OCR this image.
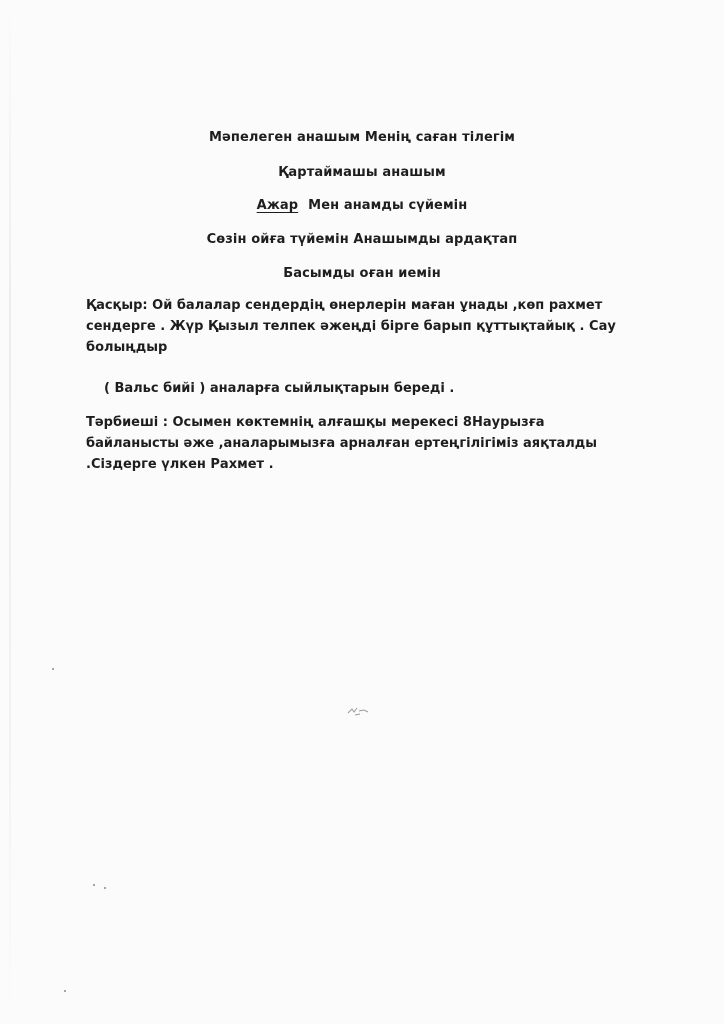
Мәпелеген анашым Менің саған тілегім
Қартаймашы анашым
Ажар Мен анамды сүйемін
Сөзін ойға түйемін Анашымды ардақтап
Басымды оған иемін
Қасқыр: Ой балалар сендердің өнерлерін маған ұнады ,көп рахмет
сендерге . Жүр Қызыл телпек әжеңді бірге барып құттықтайық . Сау
болыңдыр
( Вальс бийі ) аналарға сыйлықтарын береді .
Тәрбиеші : Осымен көктемнің алғашқы мерекесі 8Наурызға
байланысты әже ,аналарымызға арналған ертеңгілігіміз аяқталды
.Сіздерге үлкен Рахмет .
